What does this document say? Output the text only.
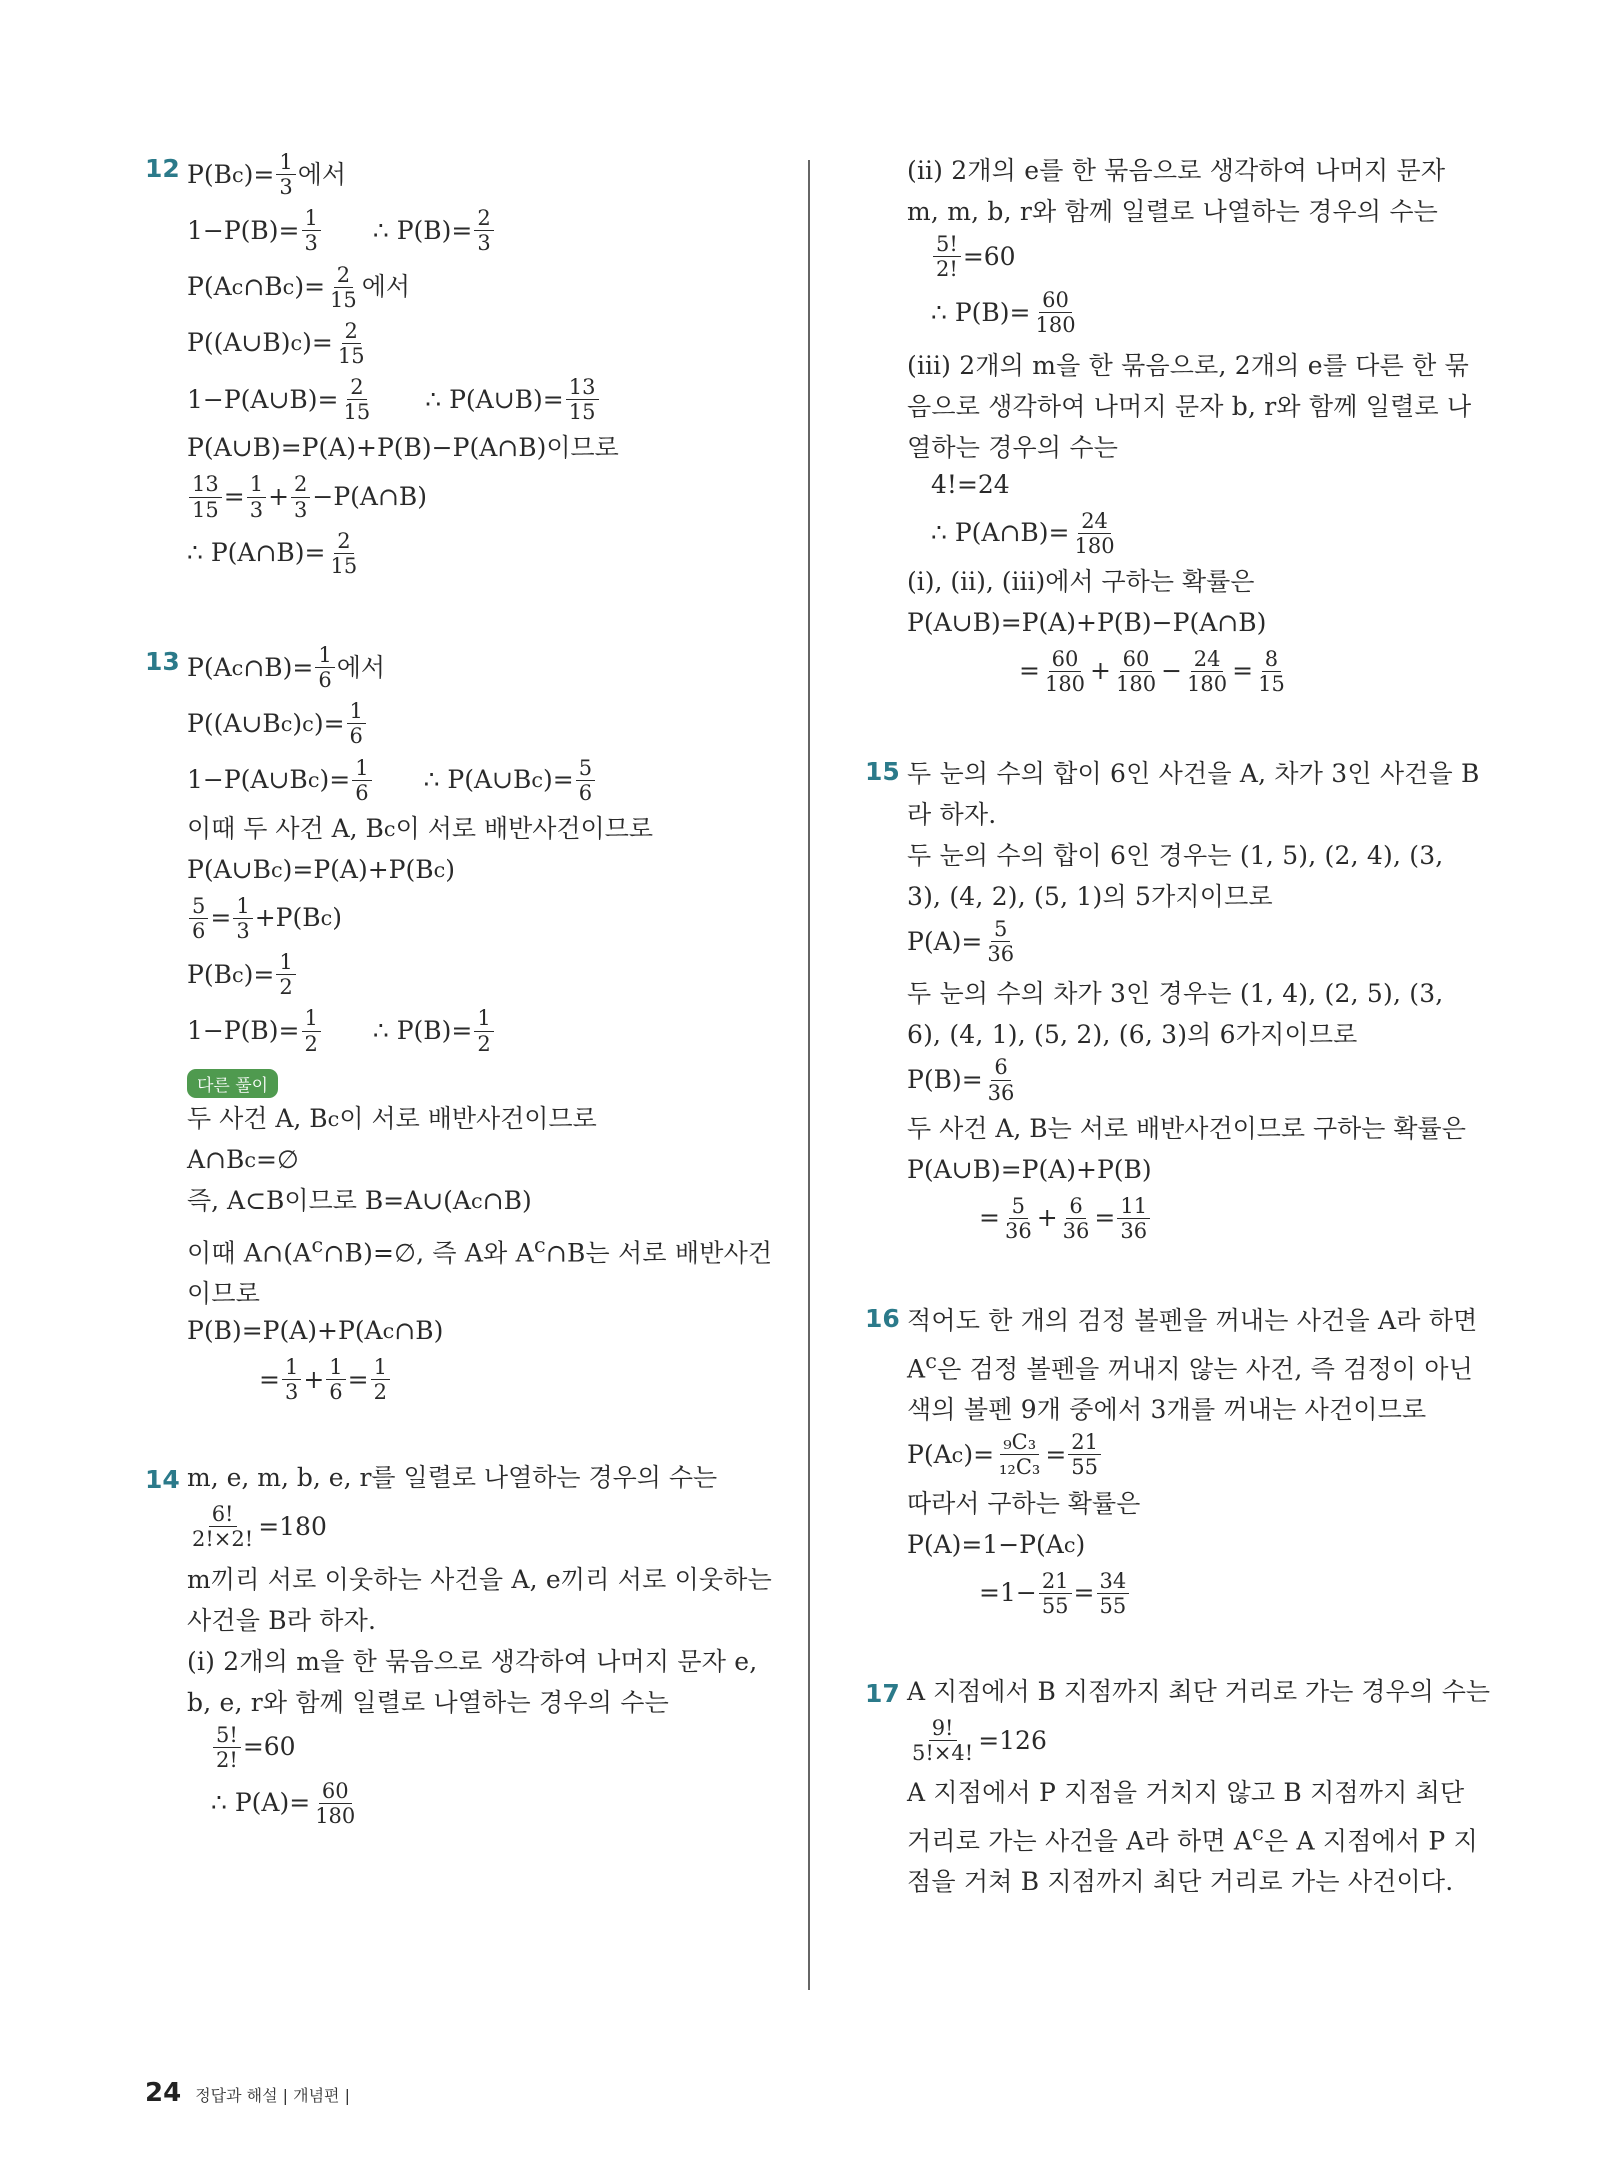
12 P(B c )= $\frac{1}{3}$ 에서
$1-P(B)= \frac{1}{3}$ ∴ $P(B)= \frac{2}{3}$
P(A c ∩B c )= $\frac{2}{15}$ 에서
P((A∪B) c )= $\frac{2}{15}$
1−P(A∪B)= $\frac{2}{15}$ ∴ P(A∪B)= $\frac{13}{15}$
P(A∪B)=P(A)+P(B)−P(A∩B)이므로
$\frac{13}{15} = \frac{1}{3} + \frac{2}{3}$ −P(A∩B)
∴ P(A∩B)= $\frac{2}{15}$
13 P(A c ∩B)= $\frac{1}{6}$ 에서
P((A∪B c ) c )= $\frac{1}{6}$
1−P(A∪B c )= $\frac{1}{6}$ ∴ P(A∪B c )= $\frac{5}{6}$
이때 두 사건 A, B c 이 서로 배반사건이므로
P(A∪B c )=P(A)+P(B c )
$\frac{5}{6} = \frac{1}{3} +P(B$ c )
P(B c )= $\frac{1}{2}$
$1-P(B)= \frac{1}{2}$ ∴ $P(B)= \frac{1}{2}$
다른 풀이
두 사건 A, B c 이 서로 배반사건이므로
A∩B c =∅
즉, A⊂B이므로 B=A∪(A c ∩B)
이때 $A\cap(A^c\cap B)=\emptyset$, 즉 A와 $A^c\cap B$는 서로 배반사건이므로
P(B)=P(A)+P(A c ∩B)
= $\frac{1}{3} + \frac{1}{6} = \frac{1}{2}$
14 m, e, m, b, e, r를 일렬로 나열하는 경우의 수는
$\frac{6!}{2!\times 2!} =180$
m끼리 서로 이웃하는 사건을 A, e끼리 서로 이웃하는 사건을 B라 하자.
(ⅰ) 2개의 m을 한 묶음으로 생각하여 나머지 문자 e, b, e, r와 함께 일렬로 나열하는 경우의 수는
$\frac{5!}{2!} =60$
∴ $P(A)= \frac{60}{180}$
(ⅱ) 2개의 e를 한 묶음으로 생각하여 나머지 문자 m, m, b, r와 함께 일렬로 나열하는 경우의 수는
$\frac{5!}{2!} =60$
∴ $P(B)= \frac{60}{180}$
(ⅲ) 2개의 m을 한 묶음으로, 2개의 e를 다른 한 묶음으로 생각하여 나머지 문자 b, r와 함께 일렬로 나열하는 경우의 수는
4!=24
∴ P(A∩B)= $\frac{24}{180}$
(ⅰ), (ⅱ), (ⅲ)에서 구하는 확률은
P(A∪B)=P(A)+P(B)−P(A∩B)
= $\frac{60}{180} + \frac{60}{180} - \frac{24}{180} = \frac{8}{15}$
15 두 눈의 수의 합이 6인 사건을 A, 차가 3인 사건을 B라 하자.
두 눈의 수의 합이 6인 경우는 (1, 5), (2, 4), (3, 3), (4, 2), (5, 1)의 5가지이므로
$P(A)= \frac{5}{36}$
두 눈의 수의 차가 3인 경우는 (1, 4), (2, 5), (3, 6), (4, 1), (5, 2), (6, 3)의 6가지이므로
$P(B)= \frac{6}{36}$
두 사건 A, B는 서로 배반사건이므로 구하는 확률은
P(A∪B)=P(A)+P(B)
= $\frac{5}{36} + \frac{6}{36} = \frac{11}{36}$
16 적어도 한 개의 검정 볼펜을 꺼내는 사건을 A라 하면 $A^c$은 검정 볼펜을 꺼내지 않는 사건, 즉 검정이 아닌 색의 볼펜 9개 중에서 3개를 꺼내는 사건이므로
P(A c )= $\frac{\text{₉C₃}}{\text{₁₂C₃}} = \frac{21}{55}$
따라서 구하는 확률은
P(A)=1−P(A c )
$=1- \frac{21}{55} = \frac{34}{55}$
17 A 지점에서 B 지점까지 최단 거리로 가는 경우의 수는
$\frac{9!}{5!\times 4!} =126$
A 지점에서 P 지점을 거치지 않고 B 지점까지 최단 거리로 가는 사건을 A라 하면 $A^c$은 A 지점에서 P 지점을 거쳐 B 지점까지 최단 거리로 가는 사건이다.
24 정답과 해설 | 개념편 |
